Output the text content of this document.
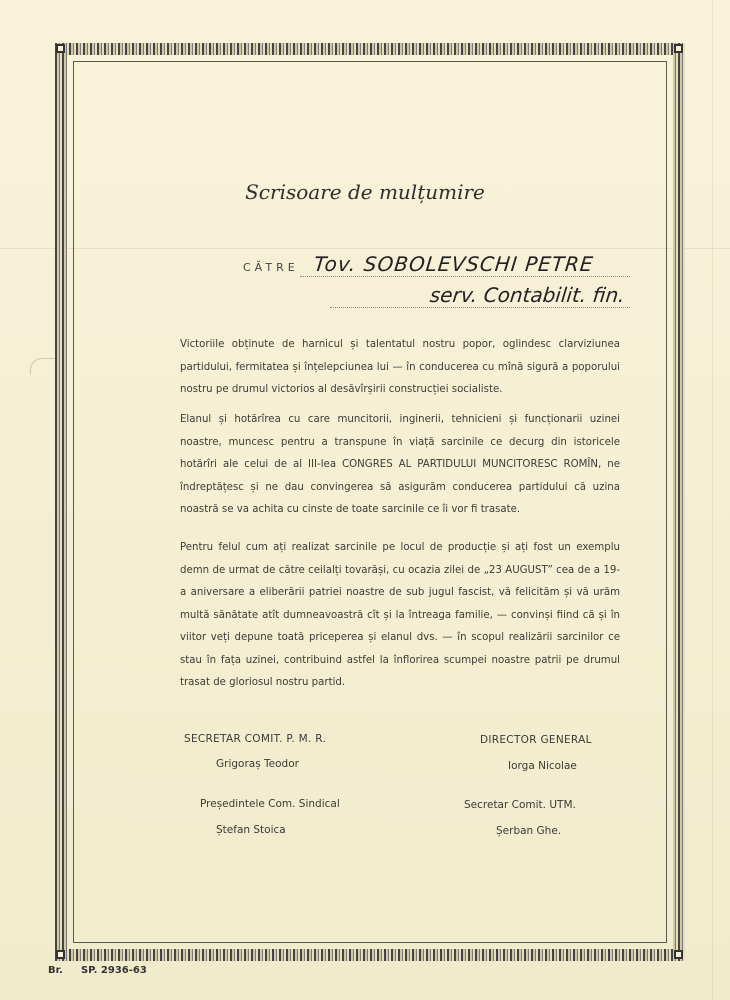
Scrisoare de mulțumire
CĂTRE Tov. SOBOLEVSCHI PETRE
serv. Contabilit. fin.

Victoriile obținute de harnicul și talentatul nostru popor, oglindesc clarviziunea partidului, fermitatea și înțelepciunea lui — în conducerea cu mînă sigură a poporului nostru pe drumul victorios al desăvîrșirii construcției socialiste.

Elanul și hotărîrea cu care muncitorii, inginerii, tehnicieni și funcționarii uzinei noastre, muncesc pentru a transpune în viață sarcinile ce decurg din istoricele hotărîri ale celui de al III-lea CONGRES AL PARTIDULUI MUNCITORESC ROMÎN, ne îndreptățesc și ne dau convingerea să asigurăm conducerea partidului că uzina noastră se va achita cu cinste de toate sarcinile ce îi vor fi trasate.

Pentru felul cum ați realizat sarcinile pe locul de producție și ați fost un exemplu demn de urmat de către ceilalți tovarăși, cu ocazia zilei de „23 AUGUST” cea de a 19-a aniversare a eliberării patriei noastre de sub jugul fascist, vă felicităm și vă urăm multă sănătate atît dumneavoastră cît și la întreaga familie, — convinși fiind că și în viitor veți depune toată priceperea și elanul dvs. — în scopul realizării sarcinilor ce stau în fața uzinei, contribuind astfel la înflorirea scumpei noastre patrii pe drumul trasat de gloriosul nostru partid.

SECRETAR COMIT. P. M. R.
Grigoraș Teodor
DIRECTOR GENERAL
Iorga Nicolae
Președintele Com. Sindical
Ștefan Stoica
Secretar Comit. UTM.
Șerban Ghe.
Br. SP. 2936-63
